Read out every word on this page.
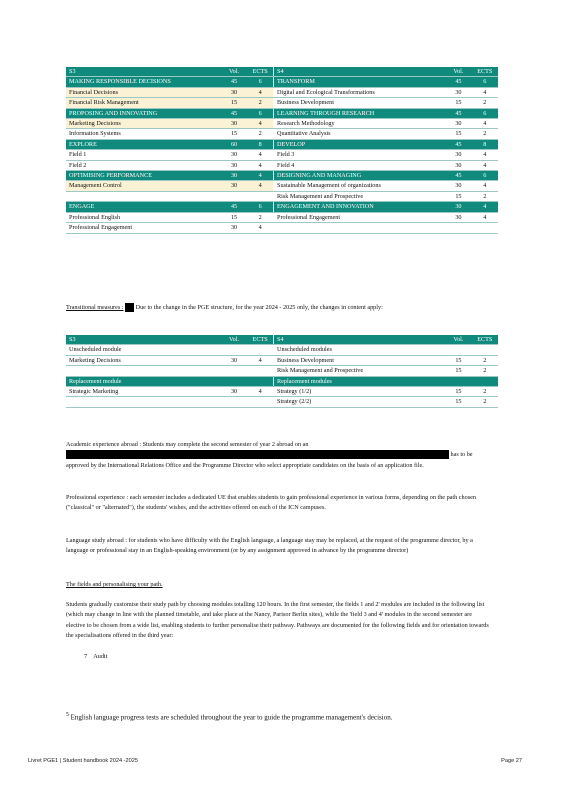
S3	Vol.	ECTS	S4	Vol.	ECTS
MAKING RESPONSIBLE DECISIONS	45	6	TRANSFORM	45	6
Financial Decisions	30	4	Digital and Ecological Transformations	30	4
Financial Risk Management	15	2	Business Development	15	2
PROPOSING AND INNOVATING	45	6	LEARNING THROUGH RESEARCH	45	6
Marketing Decisions	30	4	Research Methodology	30	4
Information Systems	15	2	Quantitative Analysis	15	2
EXPLORE	60	8	DEVELOP	45	8
Field 1	30	4	Field 3	30	4
Field 2	30	4	Field 4	30	4
OPTIMISING PERFORMANCE	30	4	DESIGNING AND MANAGING	45	6
Management Control	30	4	Sustainable Management of organizations	30	4
			Risk Management and Prospective	15	2
ENGAGE	45	6	ENGAGEMENT AND INNOVATION	30	4
Professional English	15	2	Professional Engagement	30	4
Professional Engagement	30	4			

Transitional measures : Due to the change in the PGE structure, for the year 2024 - 2025 only, the changes in content apply:

S3	Vol.	ECTS	S4	Vol.	ECTS
Unscheduled module			Unscheduled modules		
Marketing Decisions	30	4	Business Development	15	2
			Risk Management and Prospective	15	2
Replacement module			Replacement modules		
Strategic Marketing	30	4	Strategy (1/2)	15	2
			Strategy (2/2)	15	2

Academic experience abroad : Students may complete the second semester of year 2 abroad on an
has to be approved by the International Relations Office and the Programme Director who select appropriate candidates on the basis of an application file.

Professional experience : each semester includes a dedicated UE that enables students to gain professional experience in various forms, depending on the path chosen ("classical" or "alternated"), the students' wishes, and the activities offered on each of the ICN campuses.

Language study abroad : for students who have difficulty with the English language, a language stay may be replaced, at the request of the programme director, by a language or professional stay in an English-speaking environment (or by any assignment approved in advance by the programme director)

The fields and personalising your path.

Students gradually customise their study path by choosing modules totalling 120 hours. In the first semester, the fields 1 and 2' modules are included in the following list (which may change in line with the planned timetable, and take place at the Nancy, Parisor Berlin sites), while the 'field 3 and 4' modules in the second semester are elective to be chosen from a wide list, enabling students to further personalise their pathway. Pathways are documented for the following fields and for orientation towards the specialisations offered in the third year:

7 Audit

$^5$ English language progress tests are scheduled throughout the year to guide the programme management's decision.
Livret PGE1 | Student handbook 2024 -2025	Page 27
